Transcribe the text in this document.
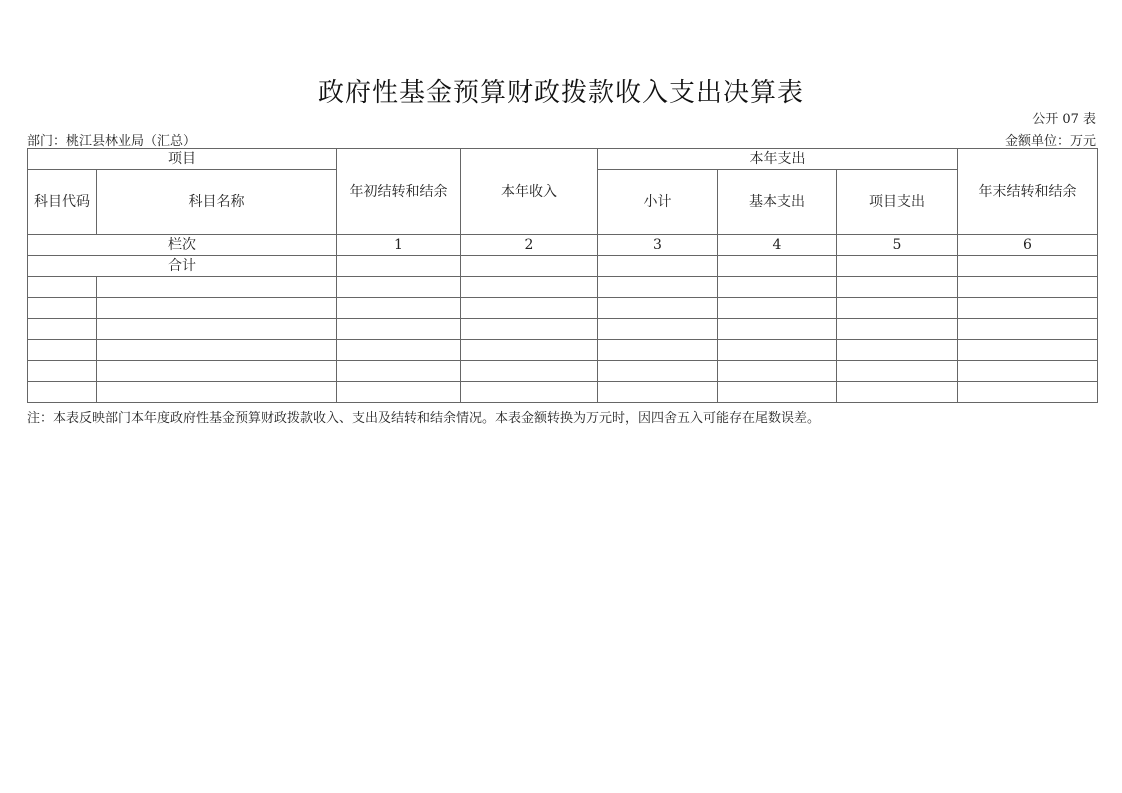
政府性基金预算财政拨款收入支出决算表
公开 07 表
部门：桃江县林业局（汇总）	金额单位：万元
项目		年初结转和结余	本年收入	本年支出			年末结转和结余
科目代码	科目名称			小计	基本支出	项目支出	
栏次		1	2	3	4	5	6
合计							

注：本表反映部门本年度政府性基金预算财政拨款收入、支出及结转和结余情况。本表金额转换为万元时，因四舍五入可能存在尾数误差。
